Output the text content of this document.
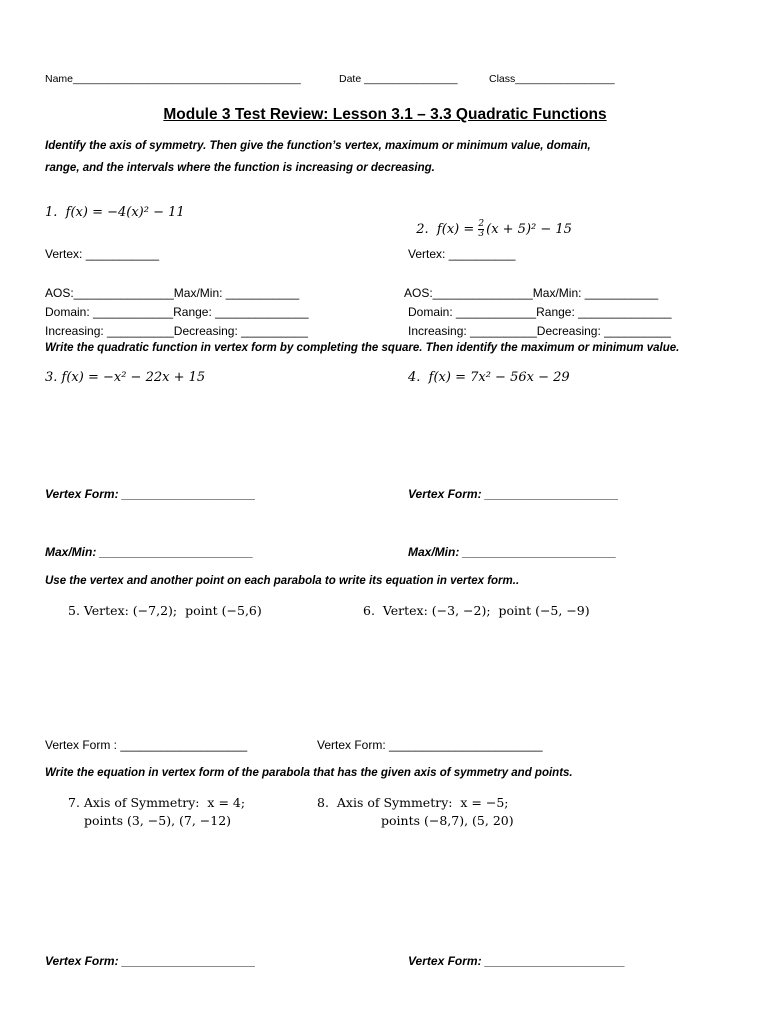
Name_______________________________________	Date ________________	Class_________________
Module 3 Test Review: Lesson 3.1 – 3.3 Quadratic Functions
Identify the axis of symmetry. Then give the function’s vertex, maximum or minimum value, domain,
range, and the intervals where the function is increasing or decreasing.
1.  f(x) = −4(x)² − 11

2.  $f(x) = \frac{2}{3} (x + 5)^2 - 15$

Vertex: ___________	Vertex: __________
AOS:_______________Max/Min: ___________	AOS:_______________Max/Min: ___________
Domain: ____________Range: ______________	Domain: ____________Range: ______________
Increasing: __________Decreasing: __________	Increasing: __________Decreasing: __________
Write the quadratic function in vertex form by completing the square. Then identify the maximum or minimum value.
3. f(x) = −x² − 22x + 15	4.  f(x) = 7x² − 56x − 29
Vertex Form: ____________________	Vertex Form: ____________________
Max/Min: _______________________	Max/Min: _______________________
Use the vertex and another point on each parabola to write its equation in vertex form..
5. Vertex: (−7,2);  point (−5,6)	6.  Vertex: (−3, −2);  point (−5, −9)
Vertex Form : ___________________	Vertex Form: _______________________
Write the equation in vertex form of the parabola that has the given axis of symmetry and points.
7. Axis of Symmetry:  x = 4;
points (3, −5), (7, −12)
8.  Axis of Symmetry:  x = −5;
points (−8,7), (5, 20)
Vertex Form: ____________________	Vertex Form: _____________________
